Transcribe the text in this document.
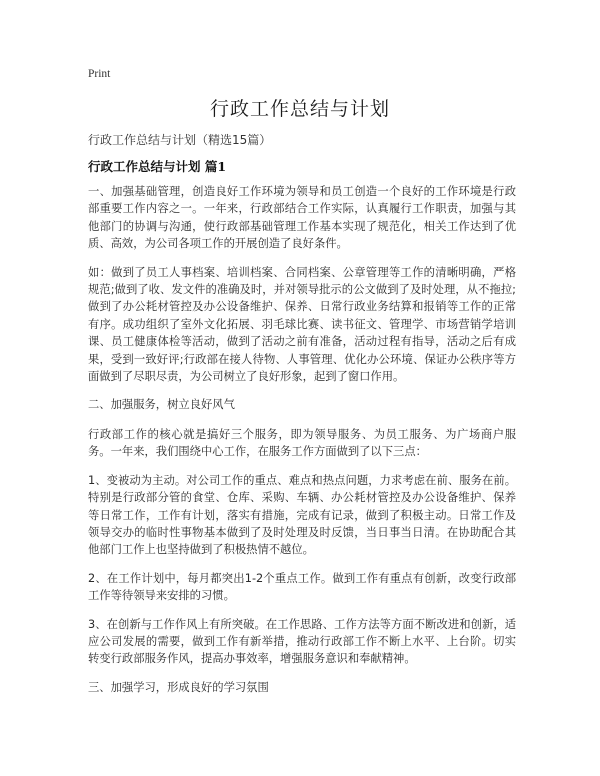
Print
行政工作总结与计划
行政工作总结与计划（精选15篇）
行政工作总结与计划 篇1

一、加强基础管理，创造良好工作环境为领导和员工创造一个良好的工作环境是行政部重要工作内容之一。一年来，行政部结合工作实际，认真履行工作职责，加强与其他部门的协调与沟通，使行政部基础管理工作基本实现了规范化，相关工作达到了优质、高效，为公司各项工作的开展创造了良好条件。

如：做到了员工人事档案、培训档案、合同档案、公章管理等工作的清晰明确，严格规范;做到了收、发文件的准确及时，并对领导批示的公文做到了及时处理，从不拖拉;做到了办公耗材管控及办公设备维护、保养、日常行政业务结算和报销等工作的正常有序。成功组织了室外文化拓展、羽毛球比赛、读书征文、管理学、市场营销学培训课、员工健康体检等活动，做到了活动之前有准备，活动过程有指导，活动之后有成果，受到一致好评;行政部在接人待物、人事管理、优化办公环境、保证办公秩序等方面做到了尽职尽责，为公司树立了良好形象，起到了窗口作用。

二、加强服务，树立良好风气

行政部工作的核心就是搞好三个服务，即为领导服务、为员工服务、为广场商户服务。一年来，我们围绕中心工作，在服务工作方面做到了以下三点：

1、变被动为主动。对公司工作的重点、难点和热点问题，力求考虑在前、服务在前。特别是行政部分管的食堂、仓库、采购、车辆、办公耗材管控及办公设备维护、保养等日常工作，工作有计划，落实有措施，完成有记录，做到了积极主动。日常工作及领导交办的临时性事物基本做到了及时处理及时反馈，当日事当日清。在协助配合其他部门工作上也坚持做到了积极热情不越位。

2、在工作计划中，每月都突出1-2个重点工作。做到工作有重点有创新，改变行政部工作等待领导来安排的习惯。

3、在创新与工作作风上有所突破。在工作思路、工作方法等方面不断改进和创新，适应公司发展的需要，做到工作有新举措，推动行政部工作不断上水平、上台阶。切实转变行政部服务作风，提高办事效率，增强服务意识和奉献精神。

三、加强学习，形成良好的学习氛围
